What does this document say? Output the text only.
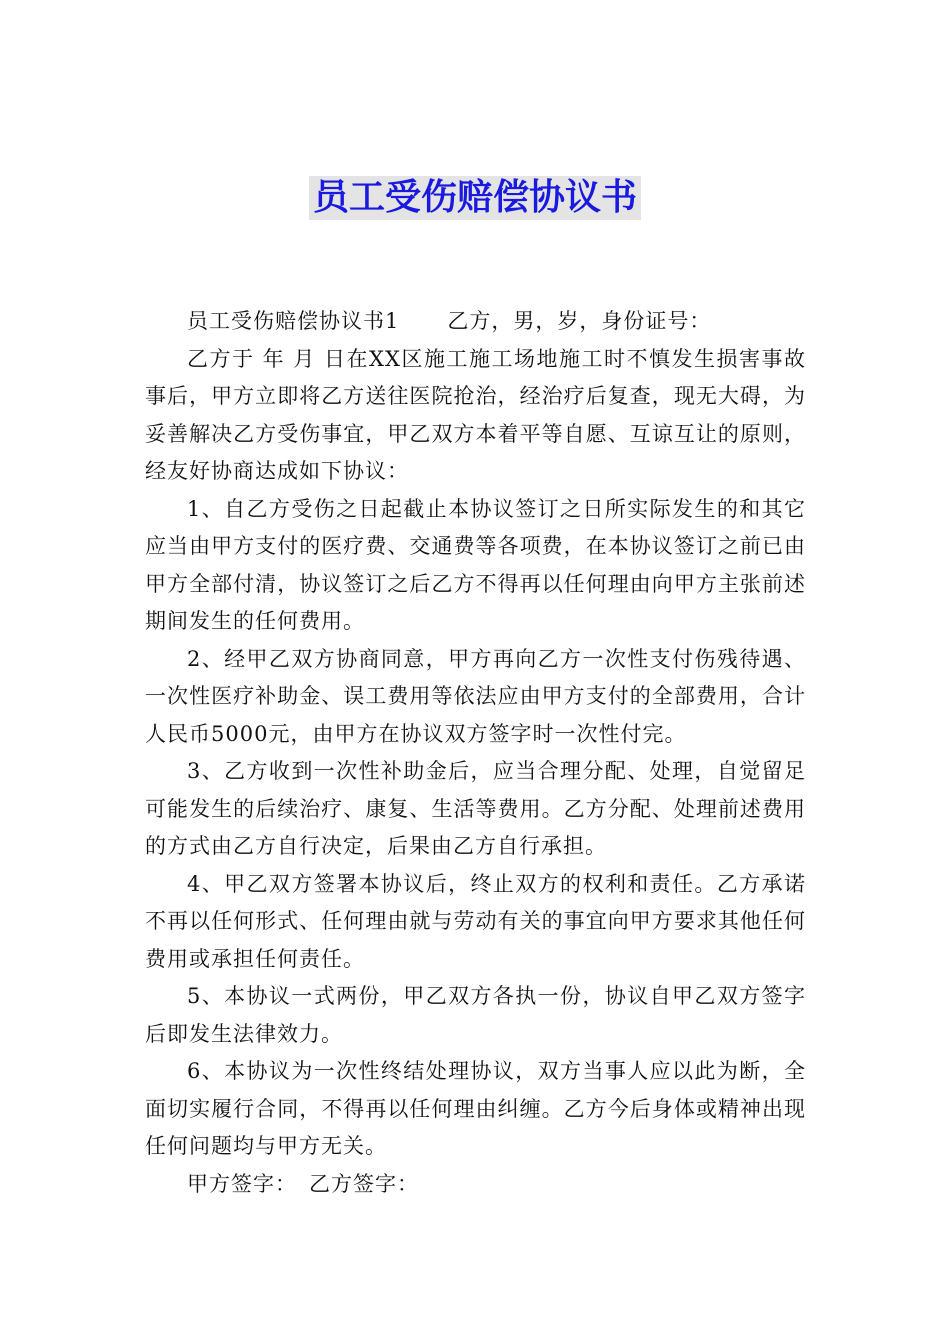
员工受伤赔偿协议书

员工受伤赔偿协议书1 乙方，男，岁，身份证号：

乙方于 年 月 日在XX区施工施工场地施工时不慎发生损害事故事后，甲方立即将乙方送往医院抢治，经治疗后复查，现无大碍，为妥善解决乙方受伤事宜，甲乙双方本着平等自愿、互谅互让的原则，经友好协商达成如下协议：

1、自乙方受伤之日起截止本协议签订之日所实际发生的和其它应当由甲方支付的医疗费、交通费等各项费，在本协议签订之前已由甲方全部付清，协议签订之后乙方不得再以任何理由向甲方主张前述期间发生的任何费用。

2、经甲乙双方协商同意，甲方再向乙方一次性支付伤残待遇、一次性医疗补助金、误工费用等依法应由甲方支付的全部费用，合计人民币5000元，由甲方在协议双方签字时一次性付完。

3、乙方收到一次性补助金后，应当合理分配、处理，自觉留足可能发生的后续治疗、康复、生活等费用。乙方分配、处理前述费用的方式由乙方自行决定，后果由乙方自行承担。

4、甲乙双方签署本协议后，终止双方的权利和责任。乙方承诺不再以任何形式、任何理由就与劳动有关的事宜向甲方要求其他任何费用或承担任何责任。

5、本协议一式两份，甲乙双方各执一份，协议自甲乙双方签字后即发生法律效力。

6、本协议为一次性终结处理协议，双方当事人应以此为断，全面切实履行合同，不得再以任何理由纠缠。乙方今后身体或精神出现任何问题均与甲方无关。

甲方签字： 乙方签字：
